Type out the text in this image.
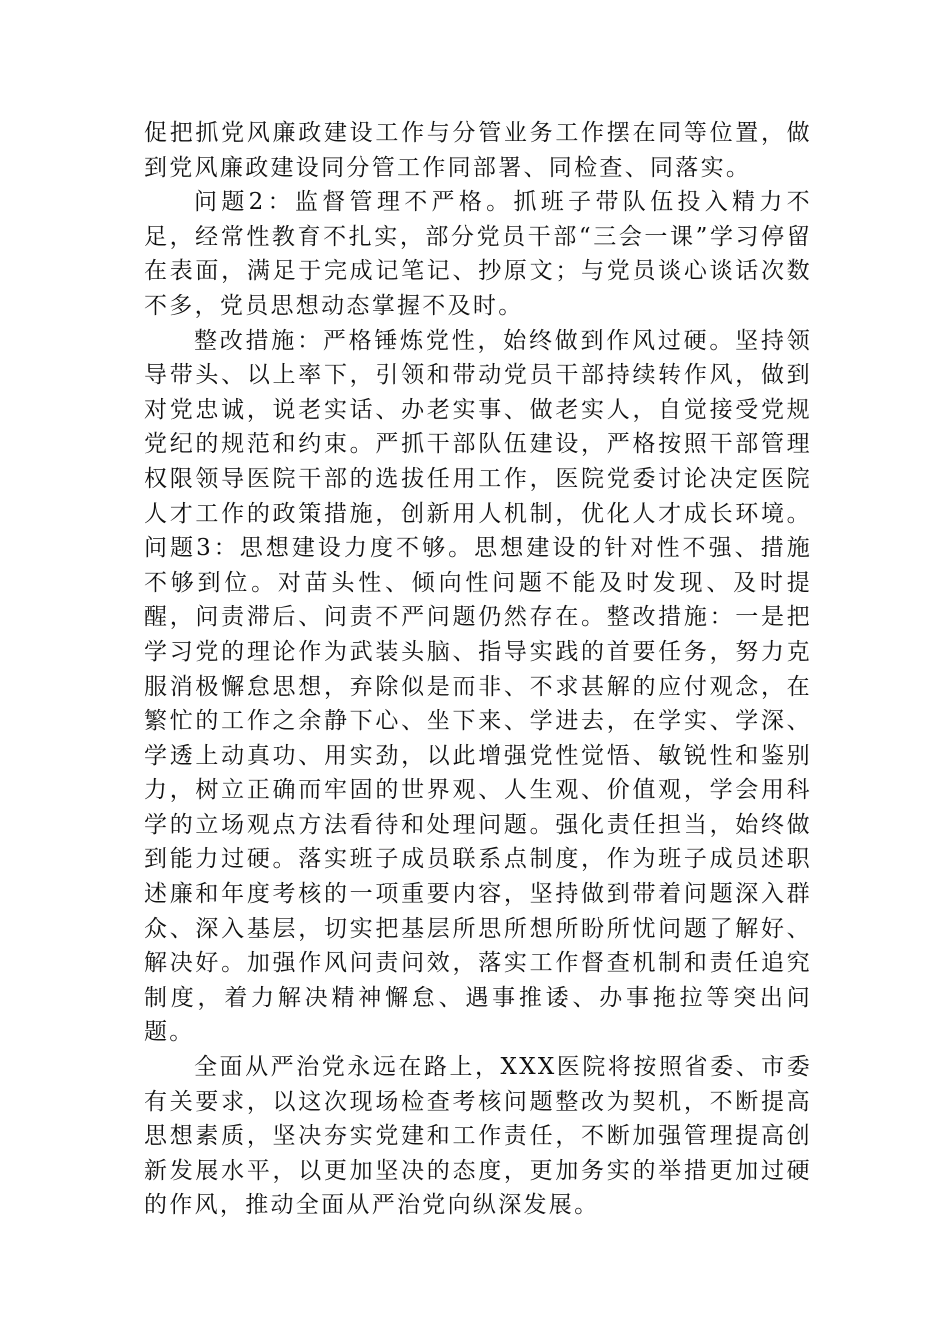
促把抓党风廉政建设工作与分管业务工作摆在同等位置，做到党风廉政建设同分管工作同部署、同检查、同落实。

问题2：监督管理不严格。抓班子带队伍投入精力不足，经常性教育不扎实，部分党员干部“三会一课”学习停留在表面，满足于完成记笔记、抄原文；与党员谈心谈话次数不多，党员思想动态掌握不及时。

整改措施：严格锤炼党性，始终做到作风过硬。坚持领导带头、以上率下，引领和带动党员干部持续转作风，做到对党忠诚，说老实话、办老实事、做老实人，自觉接受党规党纪的规范和约束。严抓干部队伍建设，严格按照干部管理权限领导医院干部的选拔任用工作，医院党委讨论决定医院人才工作的政策措施，创新用人机制，优化人才成长环境。问题3：思想建设力度不够。思想建设的针对性不强、措施不够到位。对苗头性、倾向性问题不能及时发现、及时提醒，问责滞后、问责不严问题仍然存在。整改措施：一是把学习党的理论作为武装头脑、指导实践的首要任务，努力克服消极懈怠思想，弃除似是而非、不求甚解的应付观念，在繁忙的工作之余静下心、坐下来、学进去，在学实、学深、学透上动真功、用实劲，以此增强党性觉悟、敏锐性和鉴别力，树立正确而牢固的世界观、人生观、价值观，学会用科学的立场观点方法看待和处理问题。强化责任担当，始终做到能力过硬。落实班子成员联系点制度，作为班子成员述职述廉和年度考核的一项重要内容，坚持做到带着问题深入群众、深入基层，切实把基层所思所想所盼所忧问题了解好、解决好。加强作风问责问效，落实工作督查机制和责任追究制度，着力解决精神懈怠、遇事推诿、办事拖拉等突出问题。

全面从严治党永远在路上，XXX医院将按照省委、市委有关要求，以这次现场检查考核问题整改为契机，不断提高思想素质，坚决夯实党建和工作责任，不断加强管理提高创新发展水平，以更加坚决的态度，更加务实的举措更加过硬的作风，推动全面从严治党向纵深发展。
